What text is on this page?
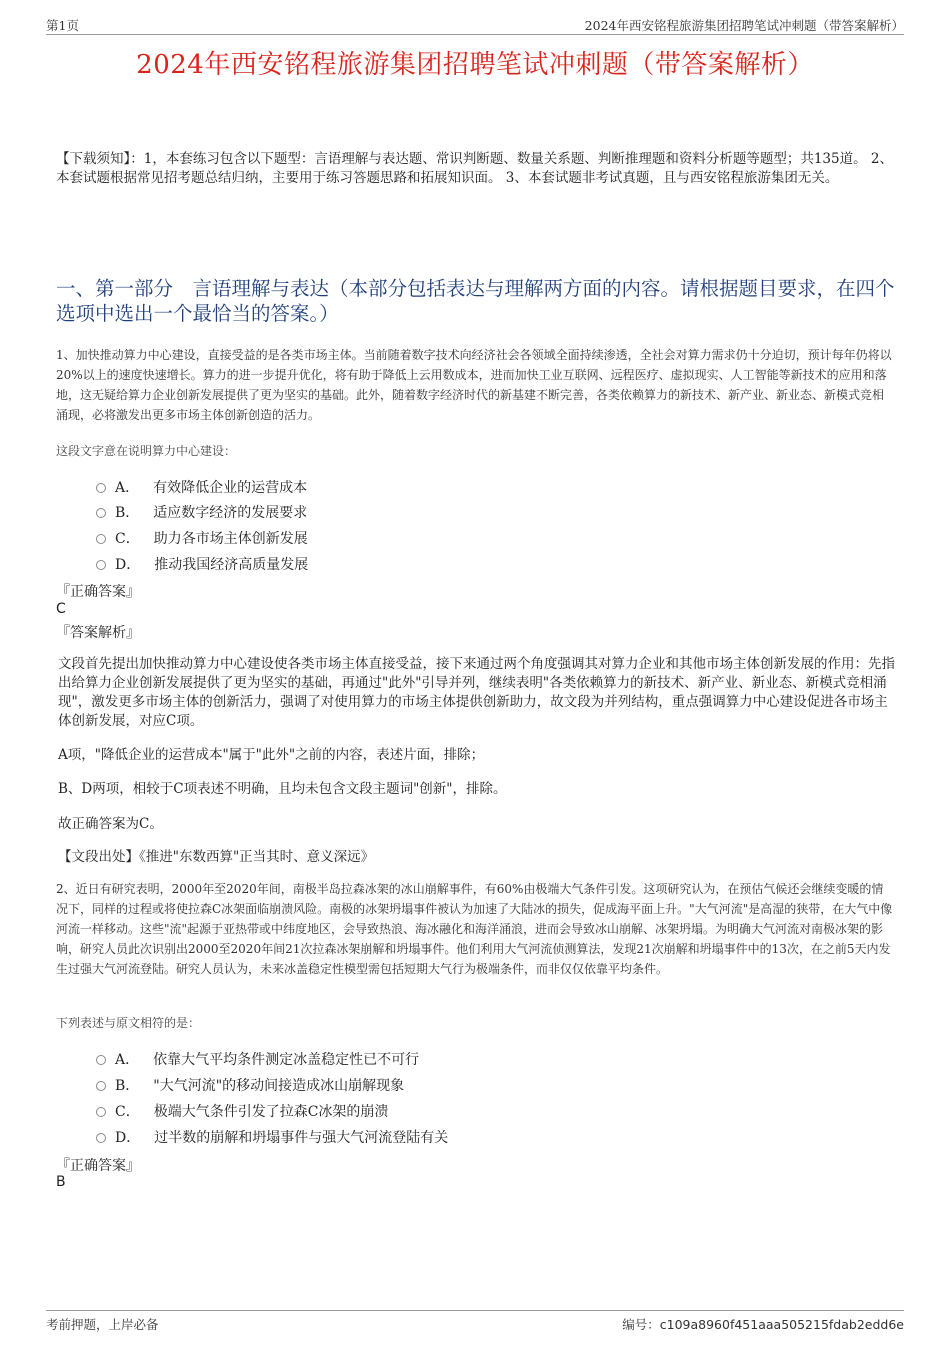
第1页	2024年西安铭程旅游集团招聘笔试冲刺题（带答案解析）
2024年西安铭程旅游集团招聘笔试冲刺题（带答案解析）
【下载须知】：1，本套练习包含以下题型：言语理解与表达题、常识判断题、数量关系题、判断推理题和资料分析题等题型；共135道。 2、本套试题根据常见招考题总结归纳，主要用于练习答题思路和拓展知识面。 3、本套试题非考试真题，且与西安铭程旅游集团无关。
一、第一部分　言语理解与表达（本部分包括表达与理解两方面的内容。请根据题目要求，在四个选项中选出一个最恰当的答案。）
1、加快推动算力中心建设，直接受益的是各类市场主体。当前随着数字技术向经济社会各领域全面持续渗透，全社会对算力需求仍十分迫切，预计每年仍将以20%以上的速度快速增长。算力的进一步提升优化，将有助于降低上云用数成本，进而加快工业互联网、远程医疗、虚拟现实、人工智能等新技术的应用和落地，这无疑给算力企业创新发展提供了更为坚实的基础。此外，随着数字经济时代的新基建不断完善，各类依赖算力的新技术、新产业、新业态、新模式竞相涌现，必将激发出更多市场主体创新创造的活力。
这段文字意在说明算力中心建设：
A． 有效降低企业的运营成本
B． 适应数字经济的发展要求
C． 助力各市场主体创新发展
D． 推动我国经济高质量发展
『正确答案』
C
『答案解析』
文段首先提出加快推动算力中心建设使各类市场主体直接受益，接下来通过两个角度强调其对算力企业和其他市场主体创新发展的作用：先指出给算力企业创新发展提供了更为坚实的基础，再通过"此外"引导并列，继续表明"各类依赖算力的新技术、新产业、新业态、新模式竞相涌现"，激发更多市场主体的创新活力，强调了对使用算力的市场主体提供创新助力，故文段为并列结构，重点强调算力中心建设促进各市场主体创新发展，对应C项。
A项，"降低企业的运营成本"属于"此外"之前的内容，表述片面，排除；
B、D两项，相较于C项表述不明确，且均未包含文段主题词"创新"，排除。
故正确答案为C。
【文段出处】《推进"东数西算"正当其时、意义深远》
2、近日有研究表明，2000年至2020年间，南极半岛拉森冰架的冰山崩解事件，有60%由极端大气条件引发。这项研究认为，在预估气候还会继续变暖的情况下，同样的过程或将使拉森C冰架面临崩溃风险。南极的冰架坍塌事件被认为加速了大陆冰的损失，促成海平面上升。"大气河流"是高湿的狭带，在大气中像河流一样移动。这些"流"起源于亚热带或中纬度地区，会导致热浪、海冰融化和海洋涌浪，进而会导致冰山崩解、冰架坍塌。为明确大气河流对南极冰架的影响，研究人员此次识别出2000至2020年间21次拉森冰架崩解和坍塌事件。他们利用大气河流侦测算法，发现21次崩解和坍塌事件中的13次，在之前5天内发生过强大气河流登陆。研究人员认为，未来冰盖稳定性模型需包括短期大气行为极端条件，而非仅仅依靠平均条件。
下列表述与原文相符的是：
A． 依靠大气平均条件测定冰盖稳定性已不可行
B． "大气河流"的移动间接造成冰山崩解现象
C． 极端大气条件引发了拉森C冰架的崩溃
D． 过半数的崩解和坍塌事件与强大气河流登陆有关
『正确答案』
B
考前押题，上岸必备	编号：c109a8960f451aaa505215fdab2edd6e
